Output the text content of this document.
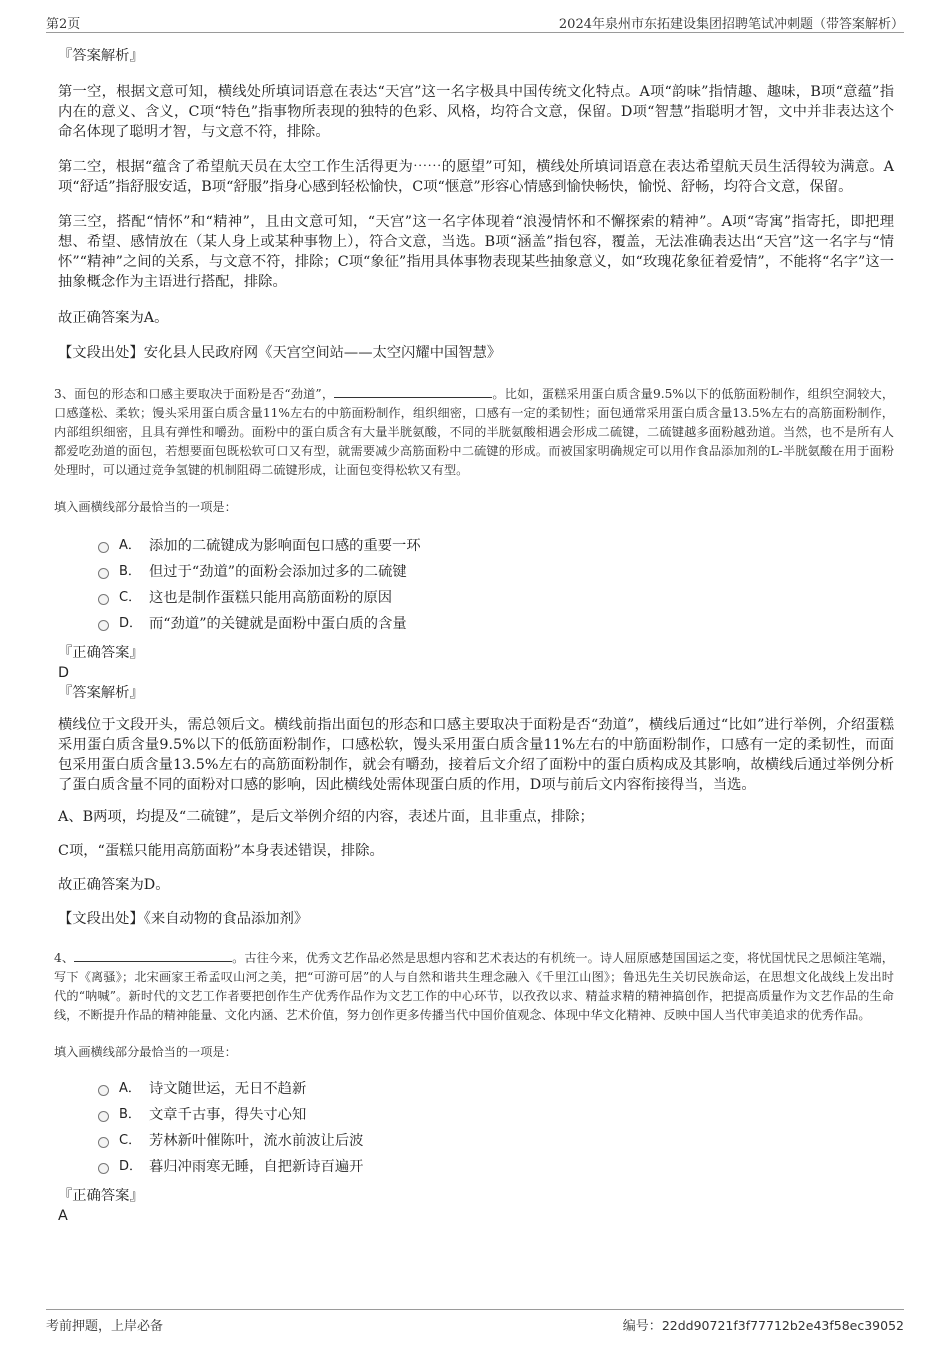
第2页	2024年泉州市东拓建设集团招聘笔试冲刺题（带答案解析）

『答案解析』

第一空，根据文意可知，横线处所填词语意在表达“天宫”这一名字极具中国传统文化特点。A项“韵味”指情趣、趣味，B项“意蕴”指内在的意义、含义，C项“特色”指事物所表现的独特的色彩、风格，均符合文意，保留。D项“智慧”指聪明才智，文中并非表达这个命名体现了聪明才智，与文意不符，排除。

第二空，根据“蕴含了希望航天员在太空工作生活得更为⋯⋯的愿望”可知，横线处所填词语意在表达希望航天员生活得较为满意。A项“舒适”指舒服安适，B项“舒服”指身心感到轻松愉快，C项“惬意”形容心情感到愉快畅快，愉悦、舒畅，均符合文意，保留。

第三空，搭配“情怀”和“精神”，且由文意可知，“天宫”这一名字体现着“浪漫情怀和不懈探索的精神”。A项“寄寓”指寄托，即把理想、希望、感情放在（某人身上或某种事物上），符合文意，当选。B项“涵盖”指包容，覆盖，无法准确表达出“天宫”这一名字与“情怀”“精神”之间的关系，与文意不符，排除；C项“象征”指用具体事物表现某些抽象意义，如“玫瑰花象征着爱情”，不能将“名字”这一抽象概念作为主语进行搭配，排除。

故正确答案为A。

【文段出处】安化县人民政府网《天宫空间站——太空闪耀中国智慧》

3、面包的形态和口感主要取决于面粉是否“劲道”，	。比如，蛋糕采用蛋白质含量9.5%以下的低筋面粉制作，组织空洞较大，口感蓬松、柔软；馒头采用蛋白质含量11%左右的中筋面粉制作，组织细密，口感有一定的柔韧性；面包通常采用蛋白质含量13.5%左右的高筋面粉制作，内部组织细密，且具有弹性和嚼劲。面粉中的蛋白质含有大量半胱氨酸，不同的半胱氨酸相遇会形成二硫键，二硫键越多面粉越劲道。当然，也不是所有人都爱吃劲道的面包，若想要面包既松软可口又有型，就需要减少高筋面粉中二硫键的形成。而被国家明确规定可以用作食品添加剂的L-半胱氨酸在用于面粉处理时，可以通过竞争氢键的机制阻碍二硫键形成，让面包变得松软又有型。

填入画横线部分最恰当的一项是：

A． 添加的二硫键成为影响面包口感的重要一环
B． 但过于“劲道”的面粉会添加过多的二硫键
C． 这也是制作蛋糕只能用高筋面粉的原因
D． 而“劲道”的关键就是面粉中蛋白质的含量

『正确答案』

D

『答案解析』

横线位于文段开头，需总领后文。横线前指出面包的形态和口感主要取决于面粉是否“劲道”，横线后通过“比如”进行举例，介绍蛋糕采用蛋白质含量9.5%以下的低筋面粉制作，口感松软，馒头采用蛋白质含量11%左右的中筋面粉制作，口感有一定的柔韧性，而面包采用蛋白质含量13.5%左右的高筋面粉制作，就会有嚼劲，接着后文介绍了面粉中的蛋白质构成及其影响，故横线后通过举例分析了蛋白质含量不同的面粉对口感的影响，因此横线处需体现蛋白质的作用，D项与前后文内容衔接得当，当选。

A、B两项，均提及“二硫键”，是后文举例介绍的内容，表述片面，且非重点，排除；

C项，“蛋糕只能用高筋面粉”本身表述错误，排除。

故正确答案为D。

【文段出处】《来自动物的食品添加剂》

4、	。古往今来，优秀文艺作品必然是思想内容和艺术表达的有机统一。诗人屈原感楚国国运之变，将忧国忧民之思倾注笔端，写下《离骚》；北宋画家王希孟叹山河之美，把“可游可居”的人与自然和谐共生理念融入《千里江山图》；鲁迅先生关切民族命运，在思想文化战线上发出时代的“呐喊”。新时代的文艺工作者要把创作生产优秀作品作为文艺工作的中心环节，以孜孜以求、精益求精的精神搞创作，把提高质量作为文艺作品的生命线，不断提升作品的精神能量、文化内涵、艺术价值，努力创作更多传播当代中国价值观念、体现中华文化精神、反映中国人当代审美追求的优秀作品。

填入画横线部分最恰当的一项是：

A． 诗文随世运，无日不趋新
B． 文章千古事，得失寸心知
C． 芳林新叶催陈叶，流水前波让后波
D． 暮归冲雨寒无睡，自把新诗百遍开

『正确答案』

A

考前押题，上岸必备	编号：22dd90721f3f77712b2e43f58ec39052
